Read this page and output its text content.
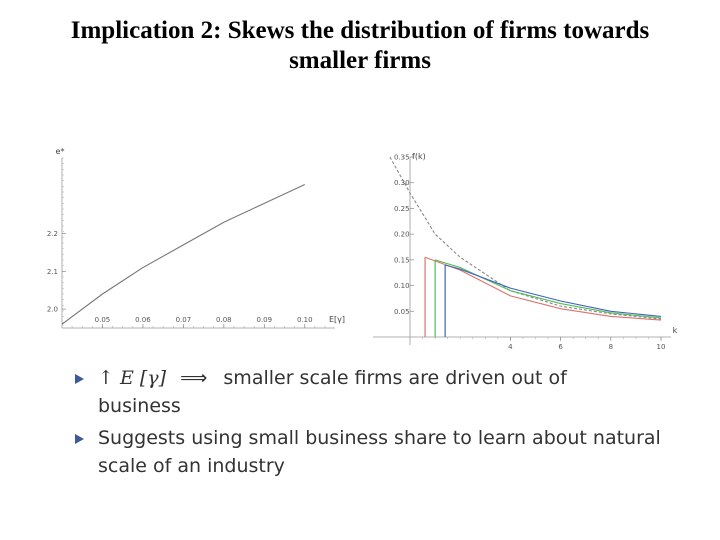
Implication 2: Skews the distribution of firms towards
smaller firms
2.0
2.1
2.2
0.05	0.06	0.07	0.08	0.09	0.10
e*
E[γ]
0.05
0.10
0.15
0.20
0.25
0.30
0.35
4	6	8	10
f(k)
k
↑ E [γ] ⟹ smaller scale firms are driven out of
business
Suggests using small business share to learn about natural
scale of an industry
